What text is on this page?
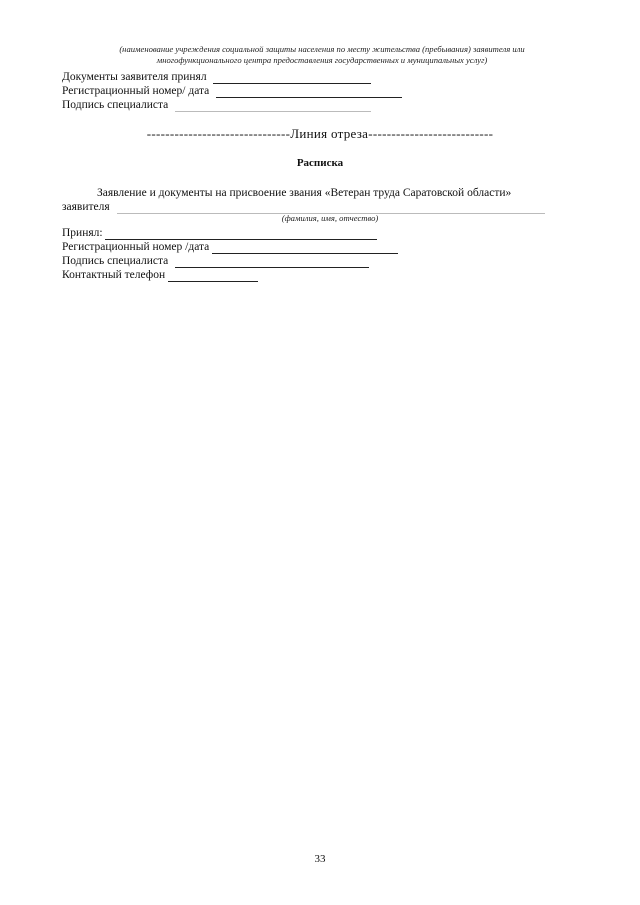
(наименование учреждения социальной защиты населения по месту жительства (пребывания) заявителя или
многофункционального центра предоставления государственных и муниципальных услуг)
Документы заявителя принял
Регистрационный номер/ дата
Подпись специалиста
-------------------------------Линия отреза---------------------------
Расписка
Заявление и документы на присвоение звания «Ветеран труда Саратовской области»
заявителя
(фамилия, имя, отчество)
Принял:
Регистрационный номер /дата
Подпись специалиста
Контактный телефон
33
